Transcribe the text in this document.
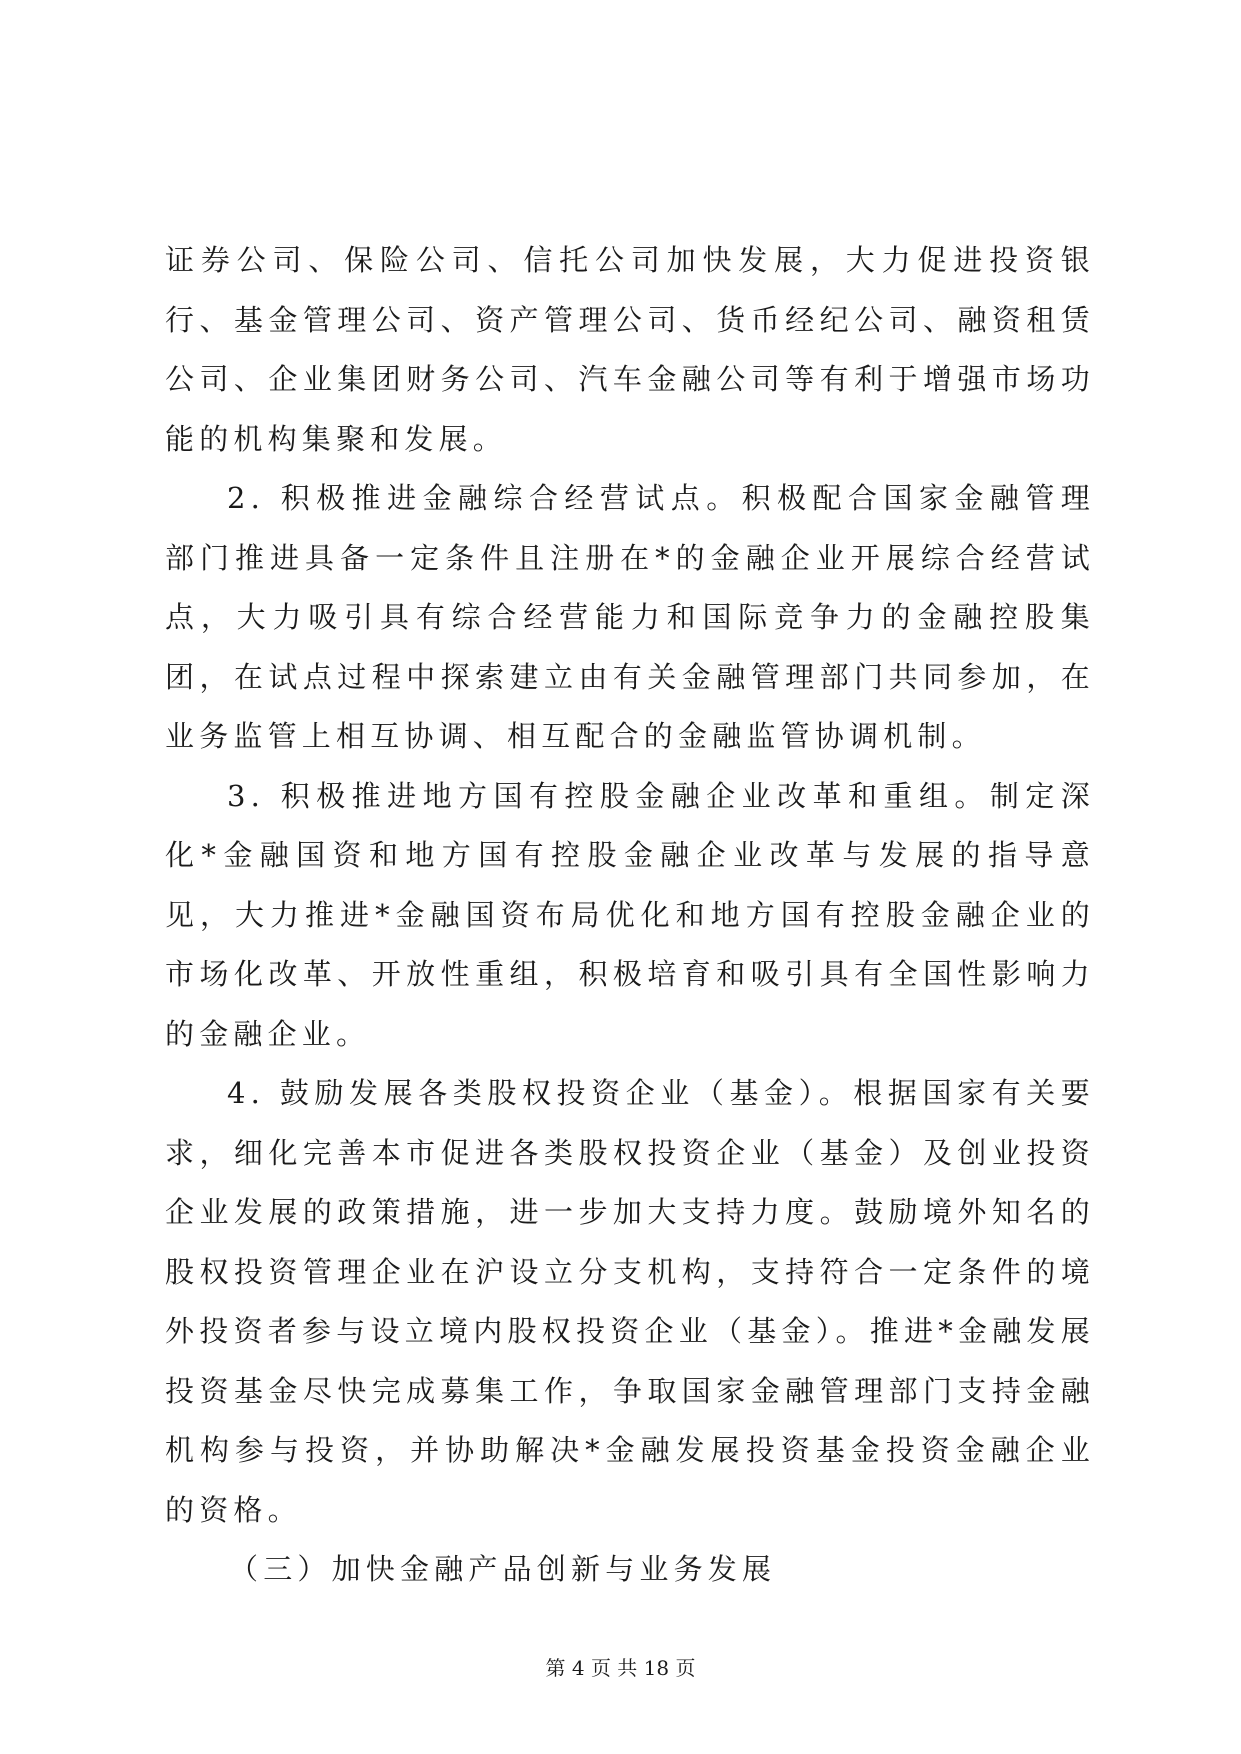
证券公司、保险公司、信托公司加快发展，大力促进投资银行、基金管理公司、资产管理公司、货币经纪公司、融资租赁公司、企业集团财务公司、汽车金融公司等有利于增强市场功能的机构集聚和发展。

2. 积极推进金融综合经营试点。积极配合国家金融管理部门推进具备一定条件且注册在*的金融企业开展综合经营试点，大力吸引具有综合经营能力和国际竞争力的金融控股集团，在试点过程中探索建立由有关金融管理部门共同参加，在业务监管上相互协调、相互配合的金融监管协调机制。

3. 积极推进地方国有控股金融企业改革和重组。制定深化*金融国资和地方国有控股金融企业改革与发展的指导意见，大力推进*金融国资布局优化和地方国有控股金融企业的市场化改革、开放性重组，积极培育和吸引具有全国性影响力的金融企业。

4. 鼓励发展各类股权投资企业（基金）。根据国家有关要求，细化完善本市促进各类股权投资企业（基金）及创业投资企业发展的政策措施，进一步加大支持力度。鼓励境外知名的股权投资管理企业在沪设立分支机构，支持符合一定条件的境外投资者参与设立境内股权投资企业（基金）。推进*金融发展投资基金尽快完成募集工作，争取国家金融管理部门支持金融机构参与投资，并协助解决*金融发展投资基金投资金融企业的资格。

（三）加快金融产品创新与业务发展

第 4 页 共 18 页
